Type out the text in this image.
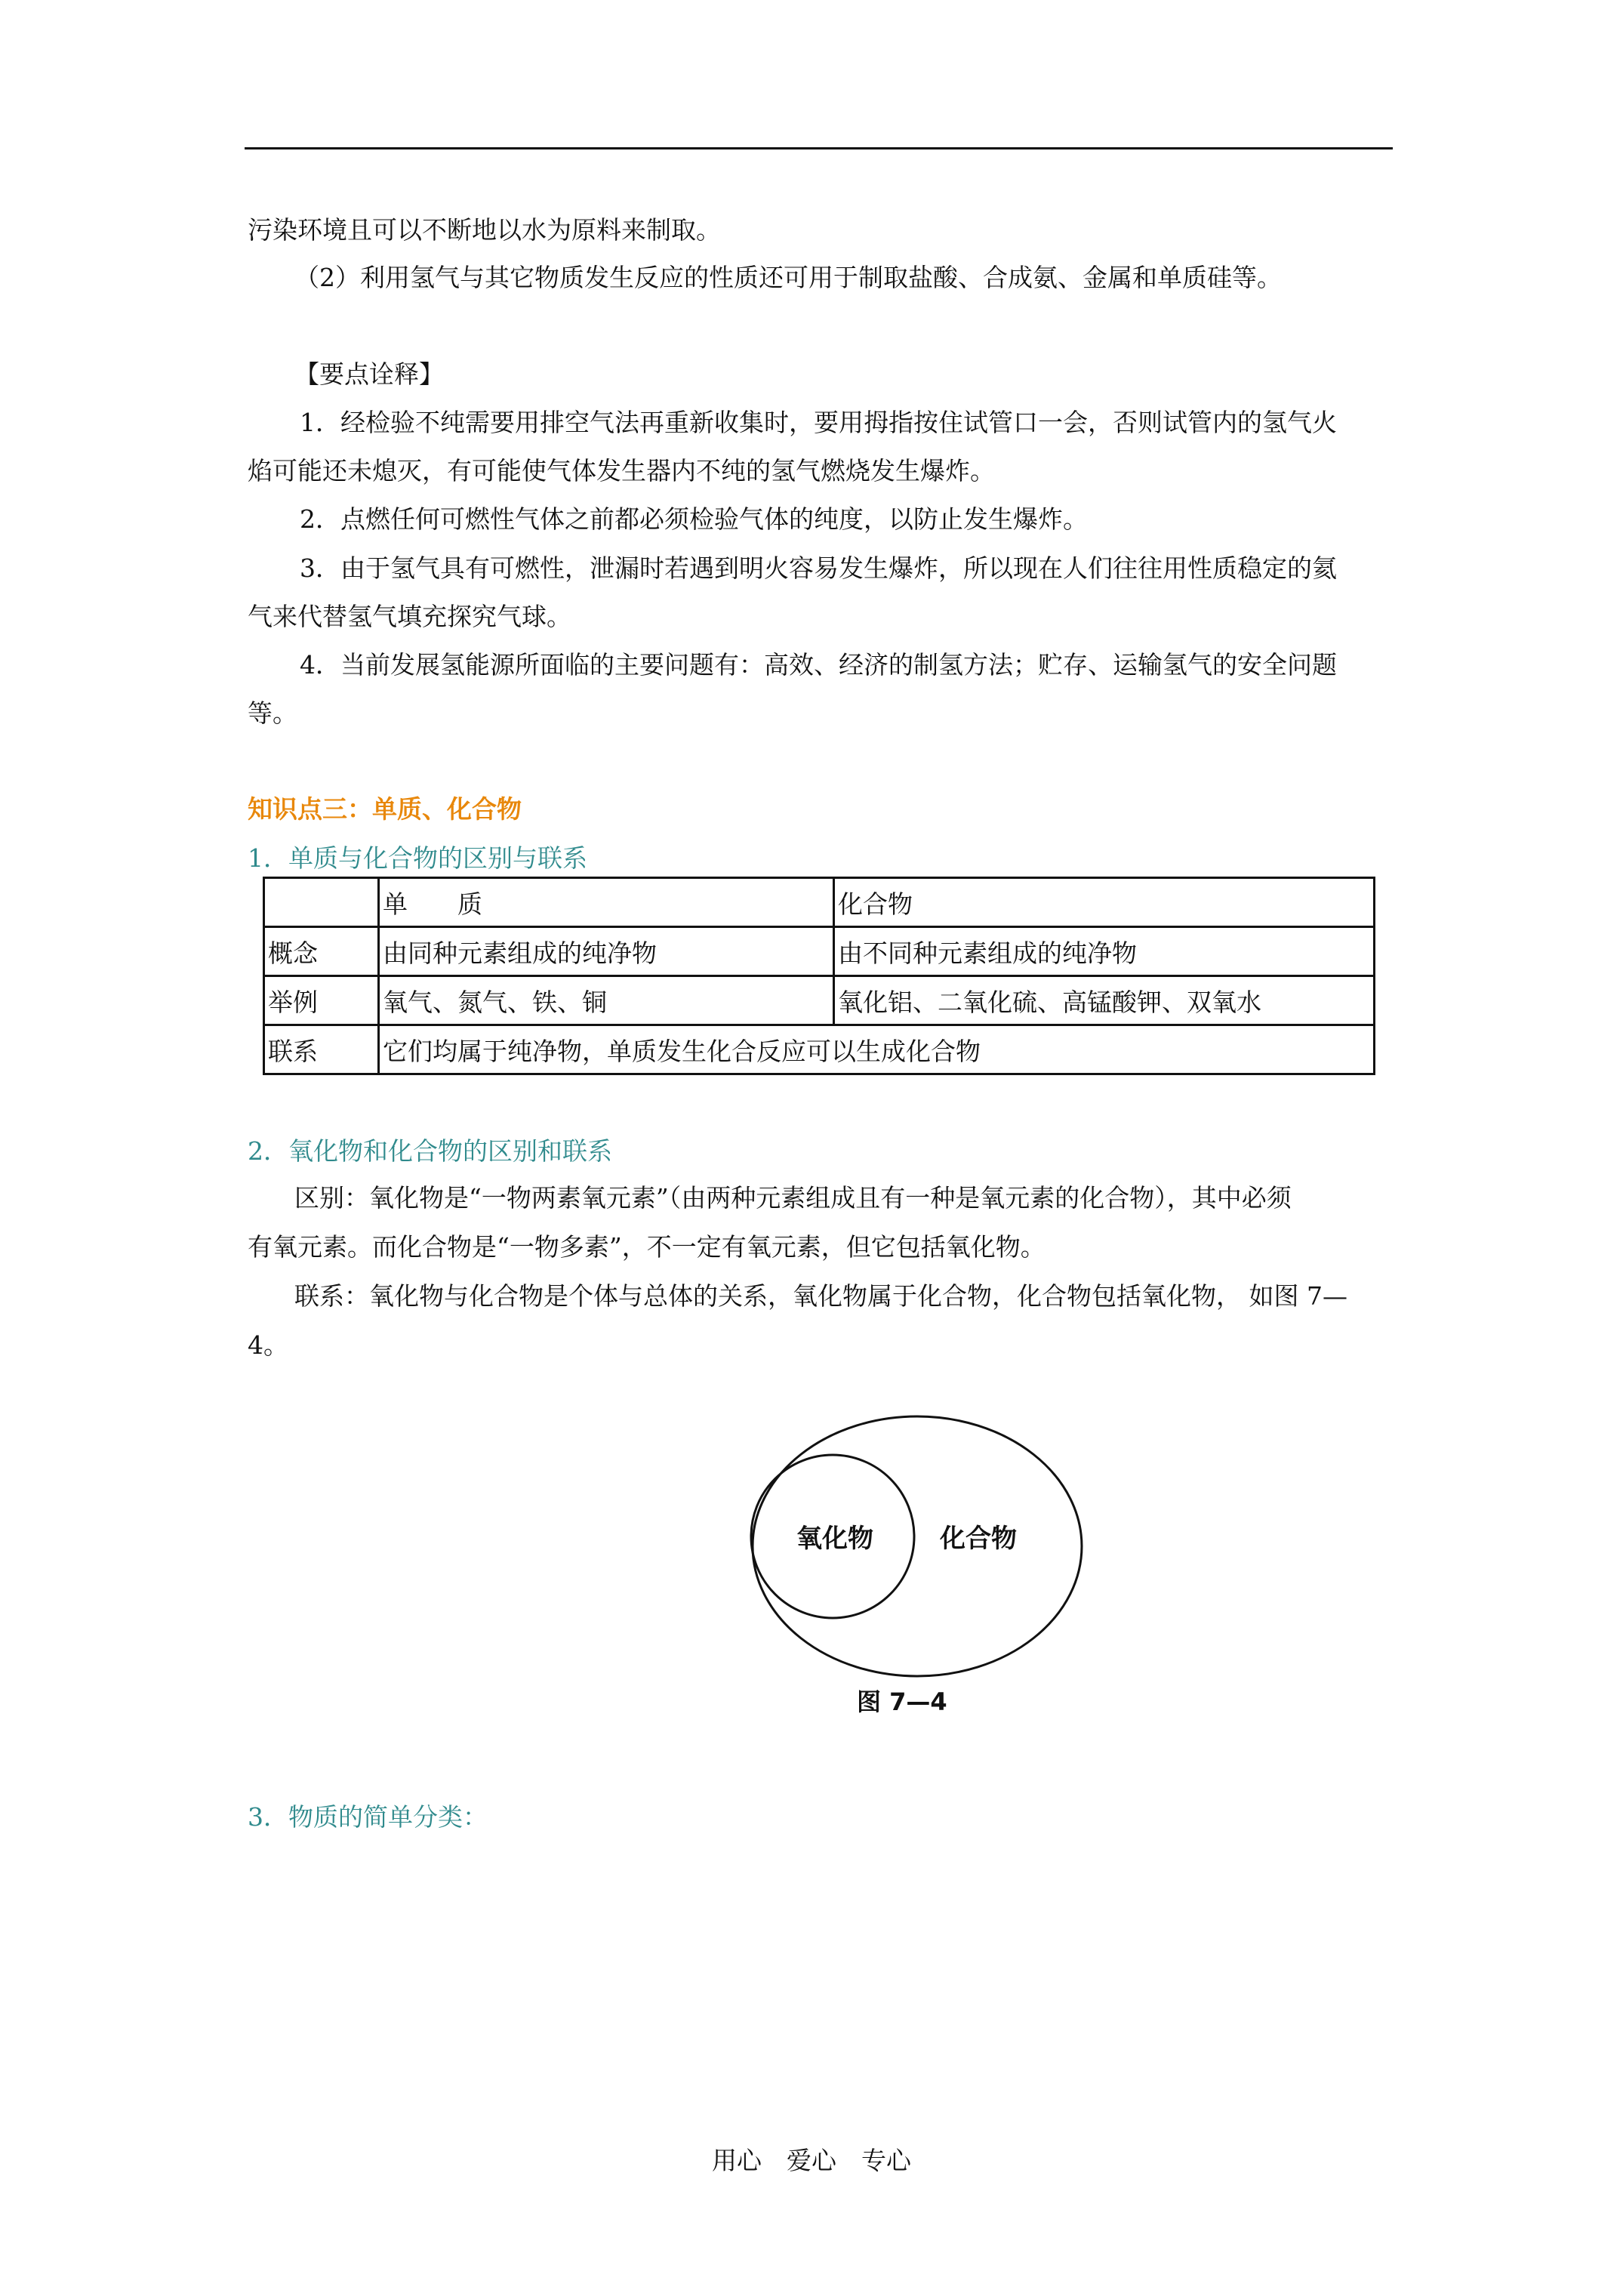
污染环境且可以不断地以水为原料来制取。
（2）利用氢气与其它物质发生反应的性质还可用于制取盐酸、合成氨、金属和单质硅等。
【要点诠释】
1．经检验不纯需要用排空气法再重新收集时，要用拇指按住试管口一会，否则试管内的氢气火
焰可能还未熄灭，有可能使气体发生器内不纯的氢气燃烧发生爆炸。
2．点燃任何可燃性气体之前都必须检验气体的纯度，以防止发生爆炸。
3．由于氢气具有可燃性，泄漏时若遇到明火容易发生爆炸，所以现在人们往往用性质稳定的氦
气来代替氢气填充探究气球。
4．当前发展氢能源所面临的主要问题有：高效、经济的制氢方法；贮存、运输氢气的安全问题
等。
知识点三：单质、化合物
1．单质与化合物的区别与联系
	单　　质	化合物
概念	由同种元素组成的纯净物	由不同种元素组成的纯净物
举例	氧气、氮气、铁、铜	氧化铝、二氧化硫、高锰酸钾、双氧水
联系	它们均属于纯净物，单质发生化合反应可以生成化合物	
2．氧化物和化合物的区别和联系
区别：氧化物是“一物两素氧元素”（由两种元素组成且有一种是氧元素的化合物），其中必须
有氧元素。而化合物是“一物多素”，不一定有氧元素，但它包括氧化物。
联系：氧化物与化合物是个体与总体的关系，氧化物属于化合物，化合物包括氧化物， 如图 7—
4。
氧化物	化合物
图 7—4
3．物质的简单分类：
用心　爱心　专心
